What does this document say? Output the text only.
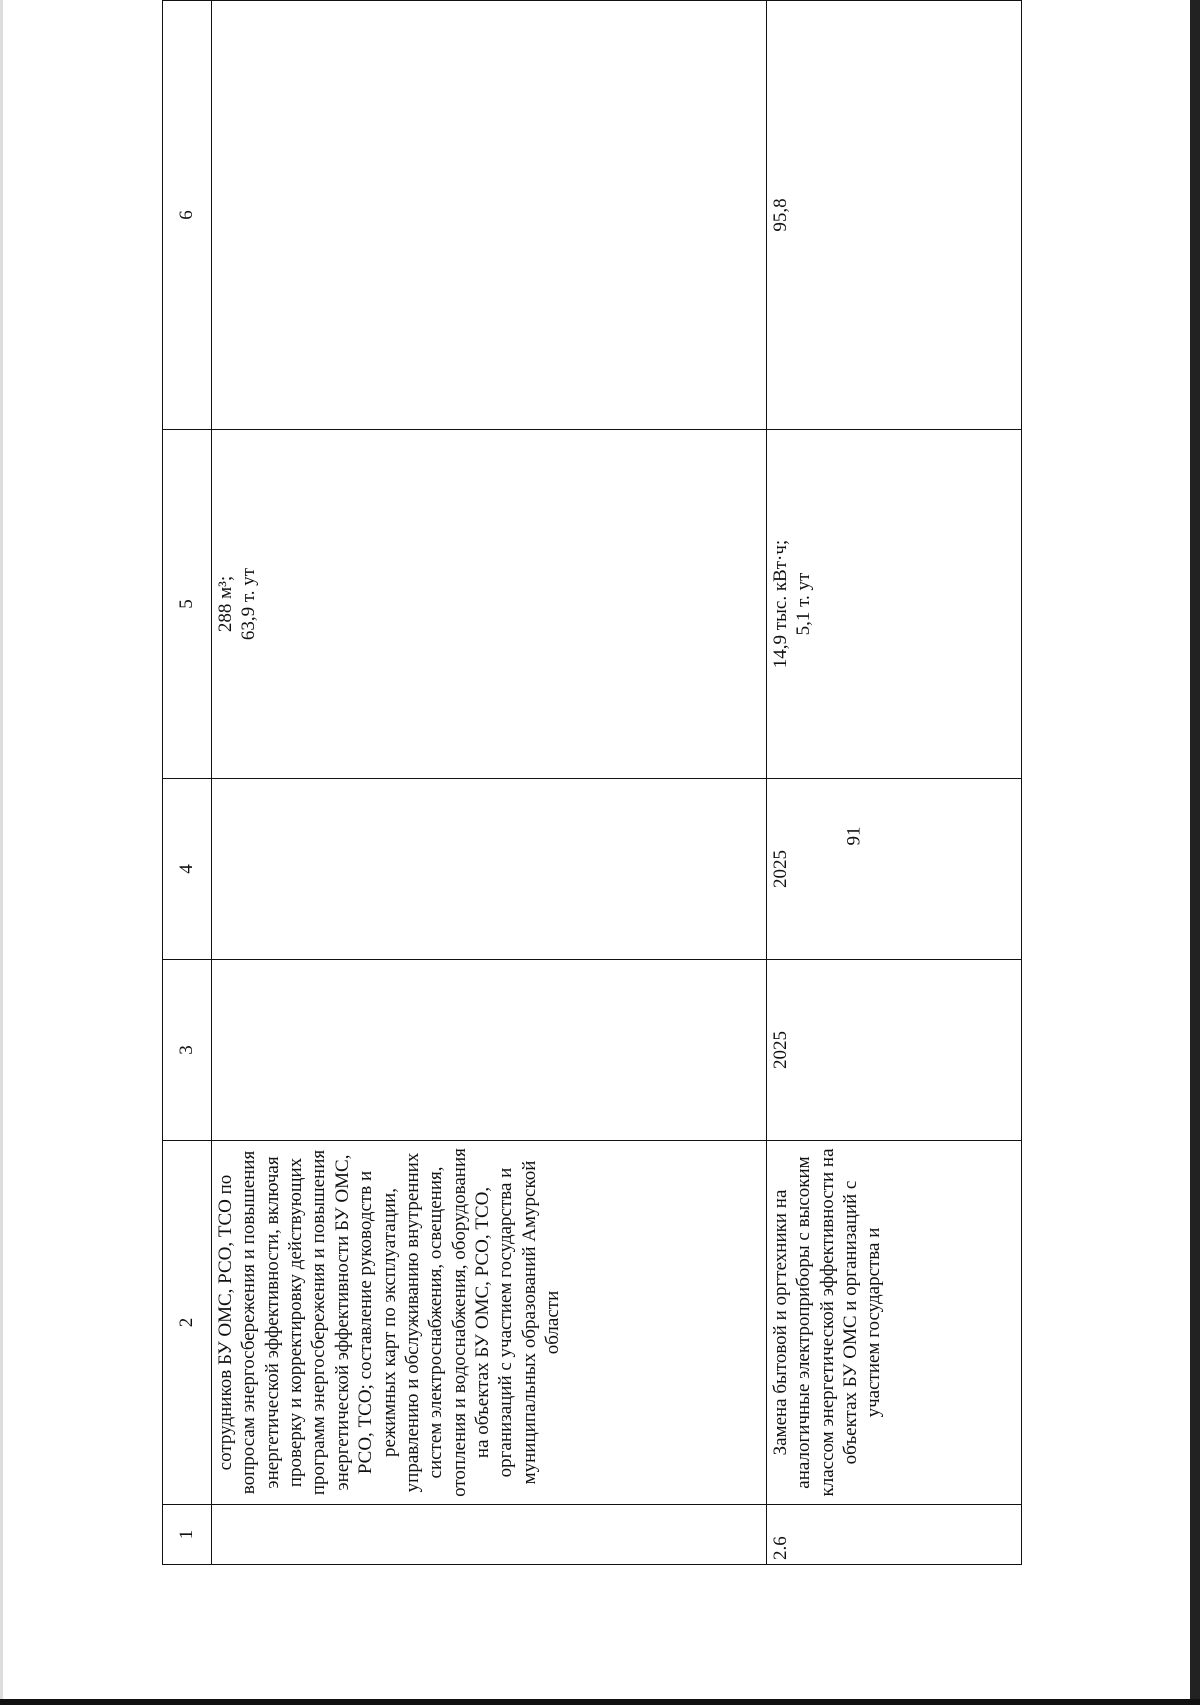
91
1	2	3	4	5	6
	сотрудников БУ ОМС, РСО, ТСО по вопросам энергосбережения и повышения энергетической эффективности, включая проверку и корректировку действующих программ энергосбережения и повышения энергетической эффективности БУ ОМС, РСО, ТСО; составление руководств и режимных карт по эксплуатации, управлению и обслуживанию внутренних систем электроснабжения, освещения, отопления и водоснабжения, оборудования на объектах БУ ОМС, РСО, ТСО, организаций с участием государства и муниципальных образований Амурской области			288 м³; 63,9 т. ут	

2.6	Замена бытовой и оргтехники на аналогичные электроприборы с высоким классом энергетической эффективности на объектах БУ ОМС и организаций с участием государства и	2025	2025	14,9 тыс. кВт·ч; 5,1 т. ут	95,8
